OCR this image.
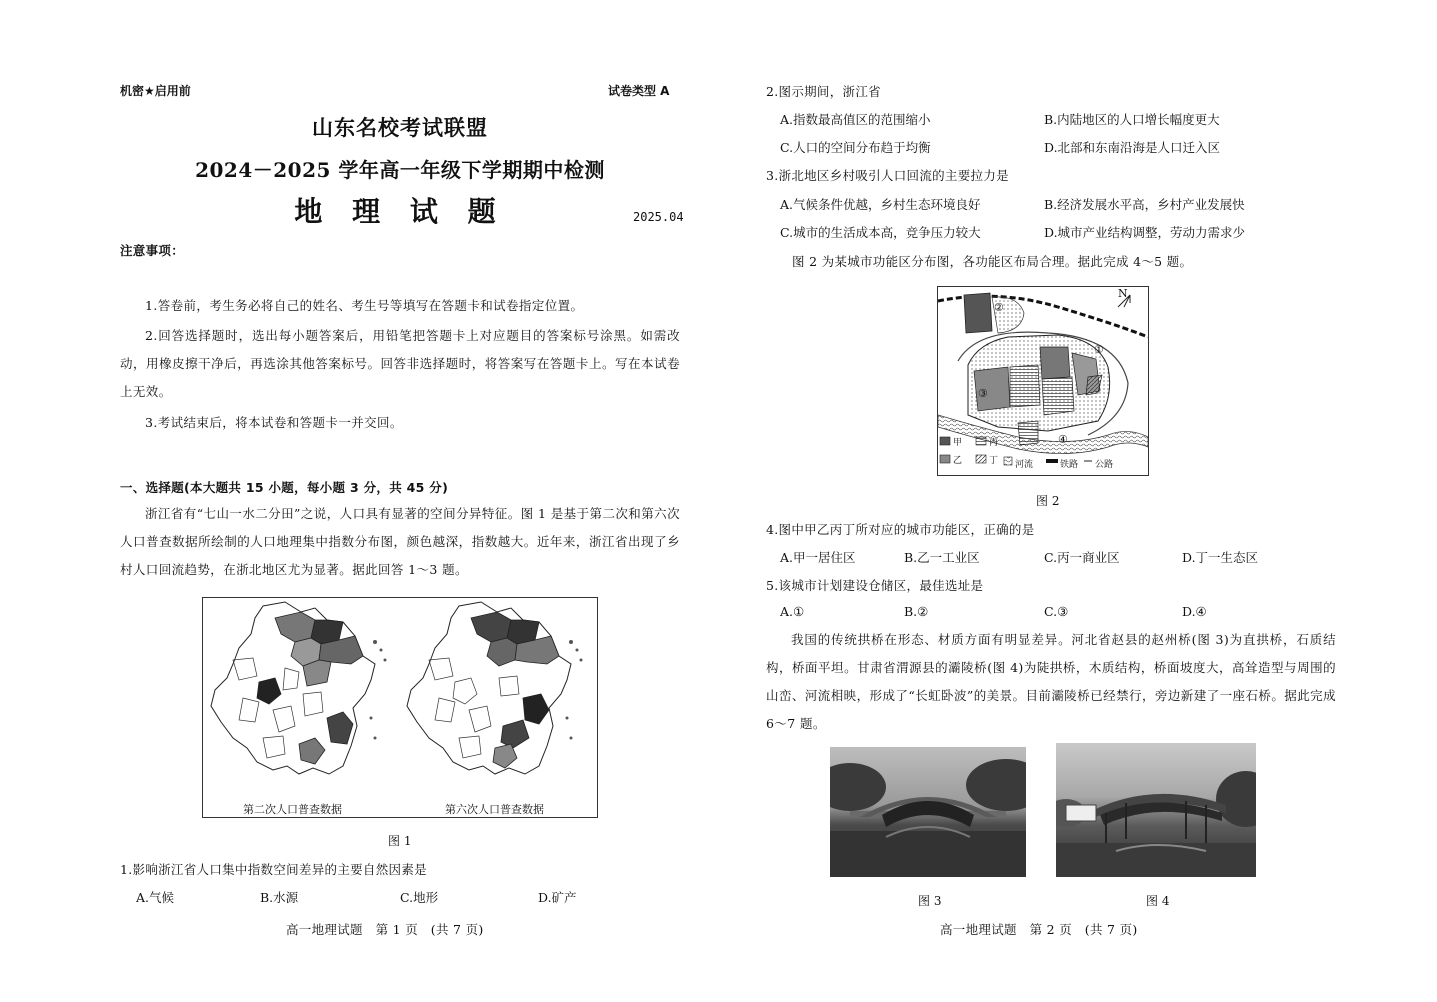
机密★启用前	试卷类型 A
山东名校考试联盟
2024－2025 学年高一年级下学期期中检测
地 理 试 题	2025.04
注意事项：
1.答卷前，考生务必将自己的姓名、考生号等填写在答题卡和试卷指定位置。
2.回答选择题时，选出每小题答案后，用铅笔把答题卡上对应题目的答案标号涂黑。如需改动，用橡皮擦干净后，再选涂其他答案标号。回答非选择题时，将答案写在答题卡上。写在本试卷上无效。
3.考试结束后，将本试卷和答题卡一并交回。
一、选择题(本大题共 15 小题，每小题 3 分，共 45 分)
浙江省有“七山一水二分田”之说，人口具有显著的空间分异特征。图 1 是基于第二次和第六次人口普查数据所绘制的人口地理集中指数分布图，颜色越深，指数越大。近年来，浙江省出现了乡村人口回流趋势，在浙北地区尤为显著。据此回答 1～3 题。
第二次人口普查数据	第六次人口普查数据
图 1
1.影响浙江省人口集中指数空间差异的主要自然因素是
A.气候	B.水源	C.地形	D.矿产
高一地理试题　第 1 页　(共 7 页)
2.图示期间，浙江省
A.指数最高值区的范围缩小	B.内陆地区的人口增长幅度更大
C.人口的空间分布趋于均衡	D.北部和东南沿海是人口迁入区
3.浙北地区乡村吸引人口回流的主要拉力是
A.气候条件优越，乡村生态环境良好	B.经济发展水平高，乡村产业发展快
C.城市的生活成本高，竞争压力较大	D.城市产业结构调整，劳动力需求少
图 2 为某城市功能区分布图，各功能区布局合理。据此完成 4～5 题。
N
①
②
③
④
甲	丙
乙	丁 河流	铁路 公路
图 2
4.图中甲乙丙丁所对应的城市功能区，正确的是
A.甲一居住区	B.乙一工业区	C.丙一商业区	D.丁一生态区
5.该城市计划建设仓储区，最佳选址是
A.①	B.②	C.③	D.④
我国的传统拱桥在形态、材质方面有明显差异。河北省赵县的赵州桥(图 3)为直拱桥，石质结构，桥面平坦。甘肃省渭源县的灞陵桥(图 4)为陡拱桥，木质结构，桥面坡度大，高耸造型与周围的山峦、河流相映，形成了“长虹卧波”的美景。目前灞陵桥已经禁行，旁边新建了一座石桥。据此完成 6～7 题。
图 3	图 4
高一地理试题　第 2 页　(共 7 页)
